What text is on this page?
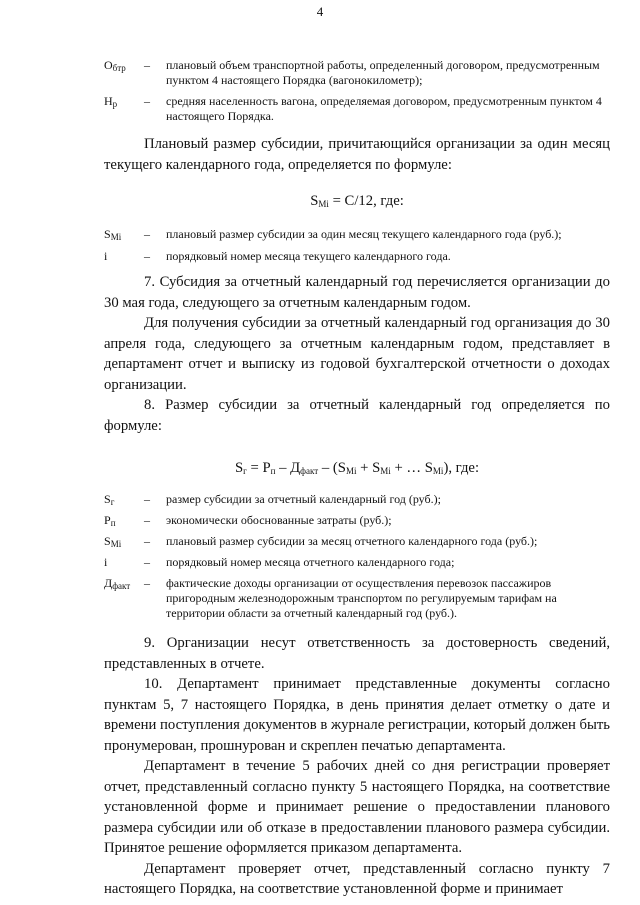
4
$О_{бтр}$	–	плановый объем транспортной работы, определенный договором, предусмотренным пунктом 4 настоящего Порядка (вагонокилометр);
$Н_р$	–	средняя населенность вагона, определяемая договором, предусмотренным пунктом 4 настоящего Порядка.

Плановый размер субсидии, причитающийся организации за один месяц текущего календарного года, определяется по формуле:

$S_{Mi} = С/12$, где:
$S_{Mi}$	–	плановый размер субсидии за один месяц текущего календарного года (руб.);
i	–	порядковый номер месяца текущего календарного года.

7. Субсидия за отчетный календарный год перечисляется организации до 30 мая года, следующего за отчетным календарным годом.

Для получения субсидии за отчетный календарный год организация до 30 апреля года, следующего за отчетным календарным годом, представляет в департамент отчет и выписку из годовой бухгалтерской отчетности о доходах организации.

8. Размер субсидии за отчетный календарный год определяется по формуле:

$S_г = Р_п - Д_{факт} - (S_{Mi} + S_{Mi}$ + … $S_{Mi}$), где:
$S_г$	–	размер субсидии за отчетный календарный год (руб.);
$Р_п$	–	экономически обоснованные затраты (руб.);
$S_{Mi}$	–	плановый размер субсидии за месяц отчетного календарного года (руб.);
i	–	порядковый номер месяца отчетного календарного года;
$Д_{факт}$	–	фактические доходы организации от осуществления перевозок пассажиров пригородным железнодорожным транспортом по регулируемым тарифам на территории области за отчетный календарный год (руб.).

9. Организации несут ответственность за достоверность сведений, представленных в отчете.

10. Департамент принимает представленные документы согласно пунктам 5, 7 настоящего Порядка, в день принятия делает отметку о дате и времени поступления документов в журнале регистрации, который должен быть пронумерован, прошнурован и скреплен печатью департамента.

Департамент в течение 5 рабочих дней со дня регистрации проверяет отчет, представленный согласно пункту 5 настоящего Порядка, на соответствие установленной форме и принимает решение о предоставлении планового размера субсидии или об отказе в предоставлении планового размера субсидии. Принятое решение оформляется приказом департамента.

Департамент проверяет отчет, представленный согласно пункту 7 настоящего Порядка, на соответствие установленной форме и принимает
